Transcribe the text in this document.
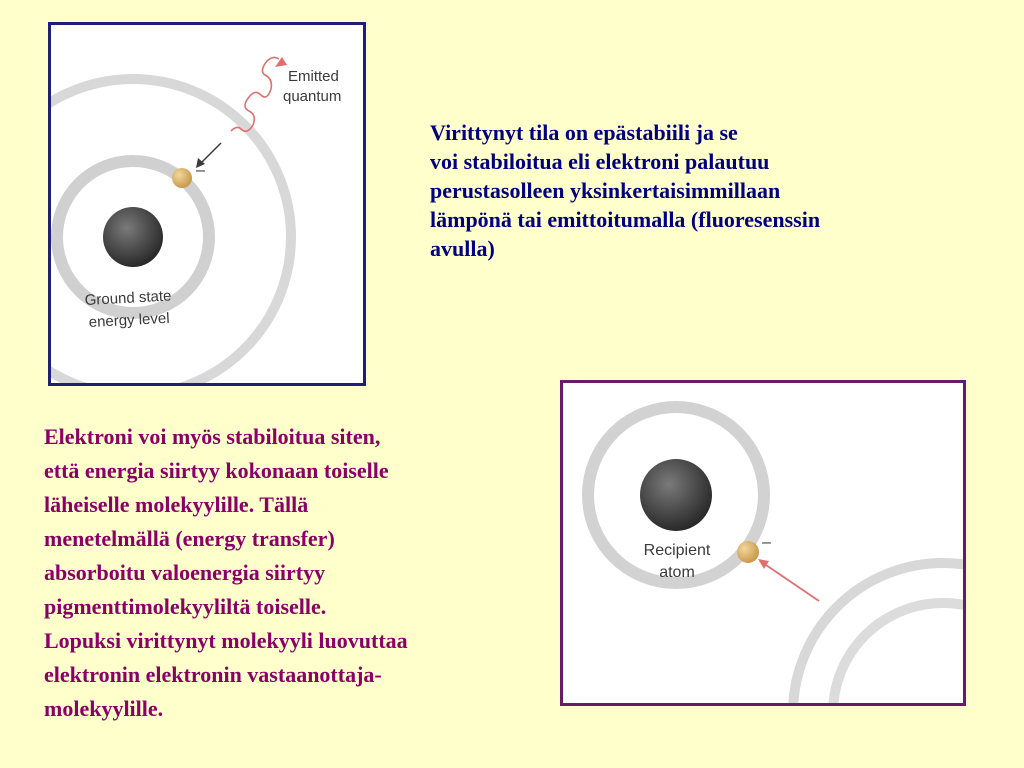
–
Emitted
quantum
Ground state
energy level
Virittynyt tila on epästabiili ja se
voi stabiloitua eli elektroni palautuu
perustasolleen yksinkertaisimmillaan
lämpönä tai emittoitumalla (fluoresenssin
avulla)
Elektroni voi myös stabiloitua siten,
että energia siirtyy kokonaan toiselle
läheiselle molekyylille. Tällä
menetelmällä (energy transfer)
absorboitu valoenergia siirtyy
pigmenttimolekyyliltä toiselle.
Lopuksi virittynyt molekyyli luovuttaa
elektronin elektronin vastaanottaja-
molekyylille.
–
Recipient
atom
